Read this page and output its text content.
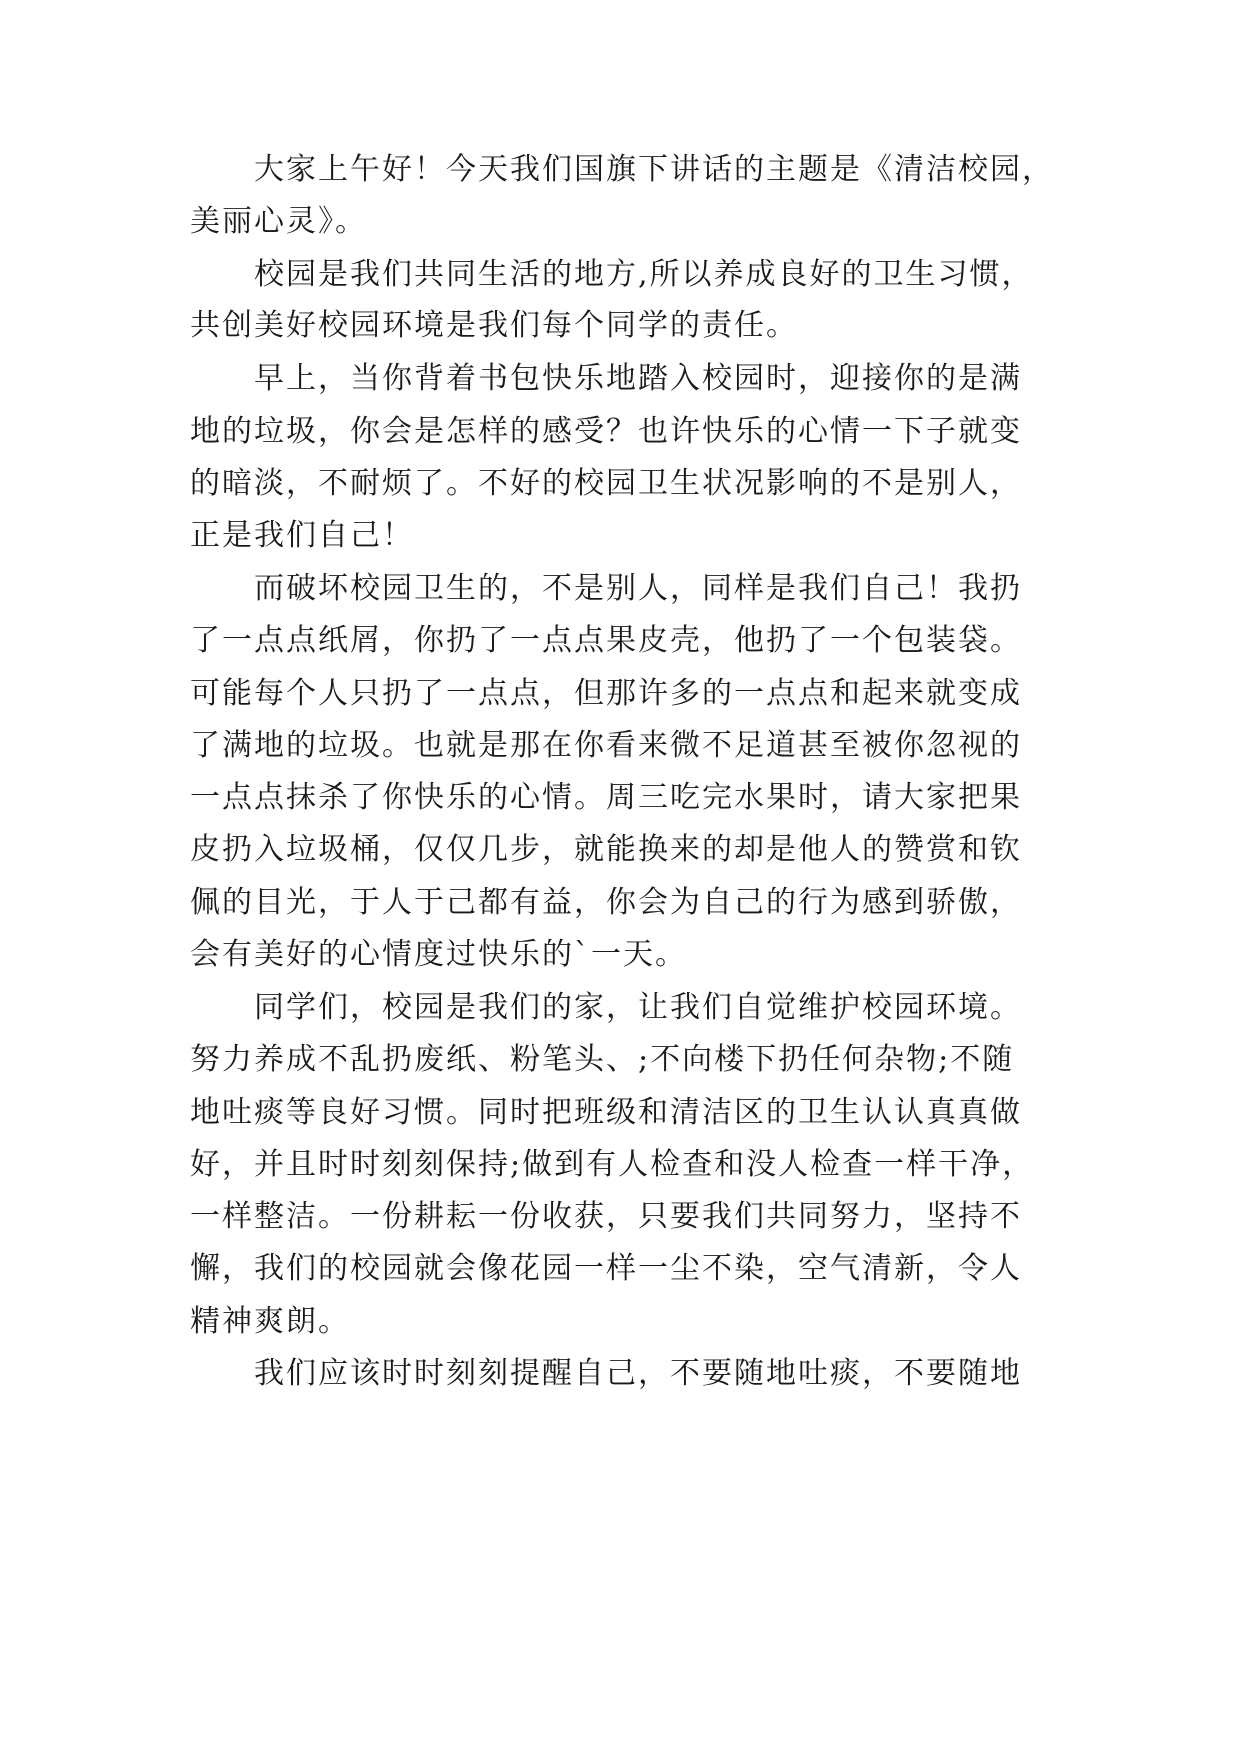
大家上午好！今天我们国旗下讲话的主题是《清洁校园，
美丽心灵》。
校园是我们共同生活的地方,所以养成良好的卫生习惯，
共创美好校园环境是我们每个同学的责任。
早上，当你背着书包快乐地踏入校园时，迎接你的是满
地的垃圾，你会是怎样的感受？也许快乐的心情一下子就变
的暗淡，不耐烦了。不好的校园卫生状况影响的不是别人，
正是我们自己！
而破坏校园卫生的，不是别人，同样是我们自己！我扔
了一点点纸屑，你扔了一点点果皮壳，他扔了一个包装袋。
可能每个人只扔了一点点，但那许多的一点点和起来就变成
了满地的垃圾。也就是那在你看来微不足道甚至被你忽视的
一点点抹杀了你快乐的心情。周三吃完水果时，请大家把果
皮扔入垃圾桶，仅仅几步，就能换来的却是他人的赞赏和钦
佩的目光，于人于己都有益，你会为自己的行为感到骄傲，
会有美好的心情度过快乐的`一天。
同学们，校园是我们的家，让我们自觉维护校园环境。
努力养成不乱扔废纸、粉笔头、;不向楼下扔任何杂物;不随
地吐痰等良好习惯。同时把班级和清洁区的卫生认认真真做
好，并且时时刻刻保持;做到有人检查和没人检查一样干净，
一样整洁。一份耕耘一份收获，只要我们共同努力，坚持不
懈，我们的校园就会像花园一样一尘不染，空气清新，令人
精神爽朗。
我们应该时时刻刻提醒自己，不要随地吐痰，不要随地
